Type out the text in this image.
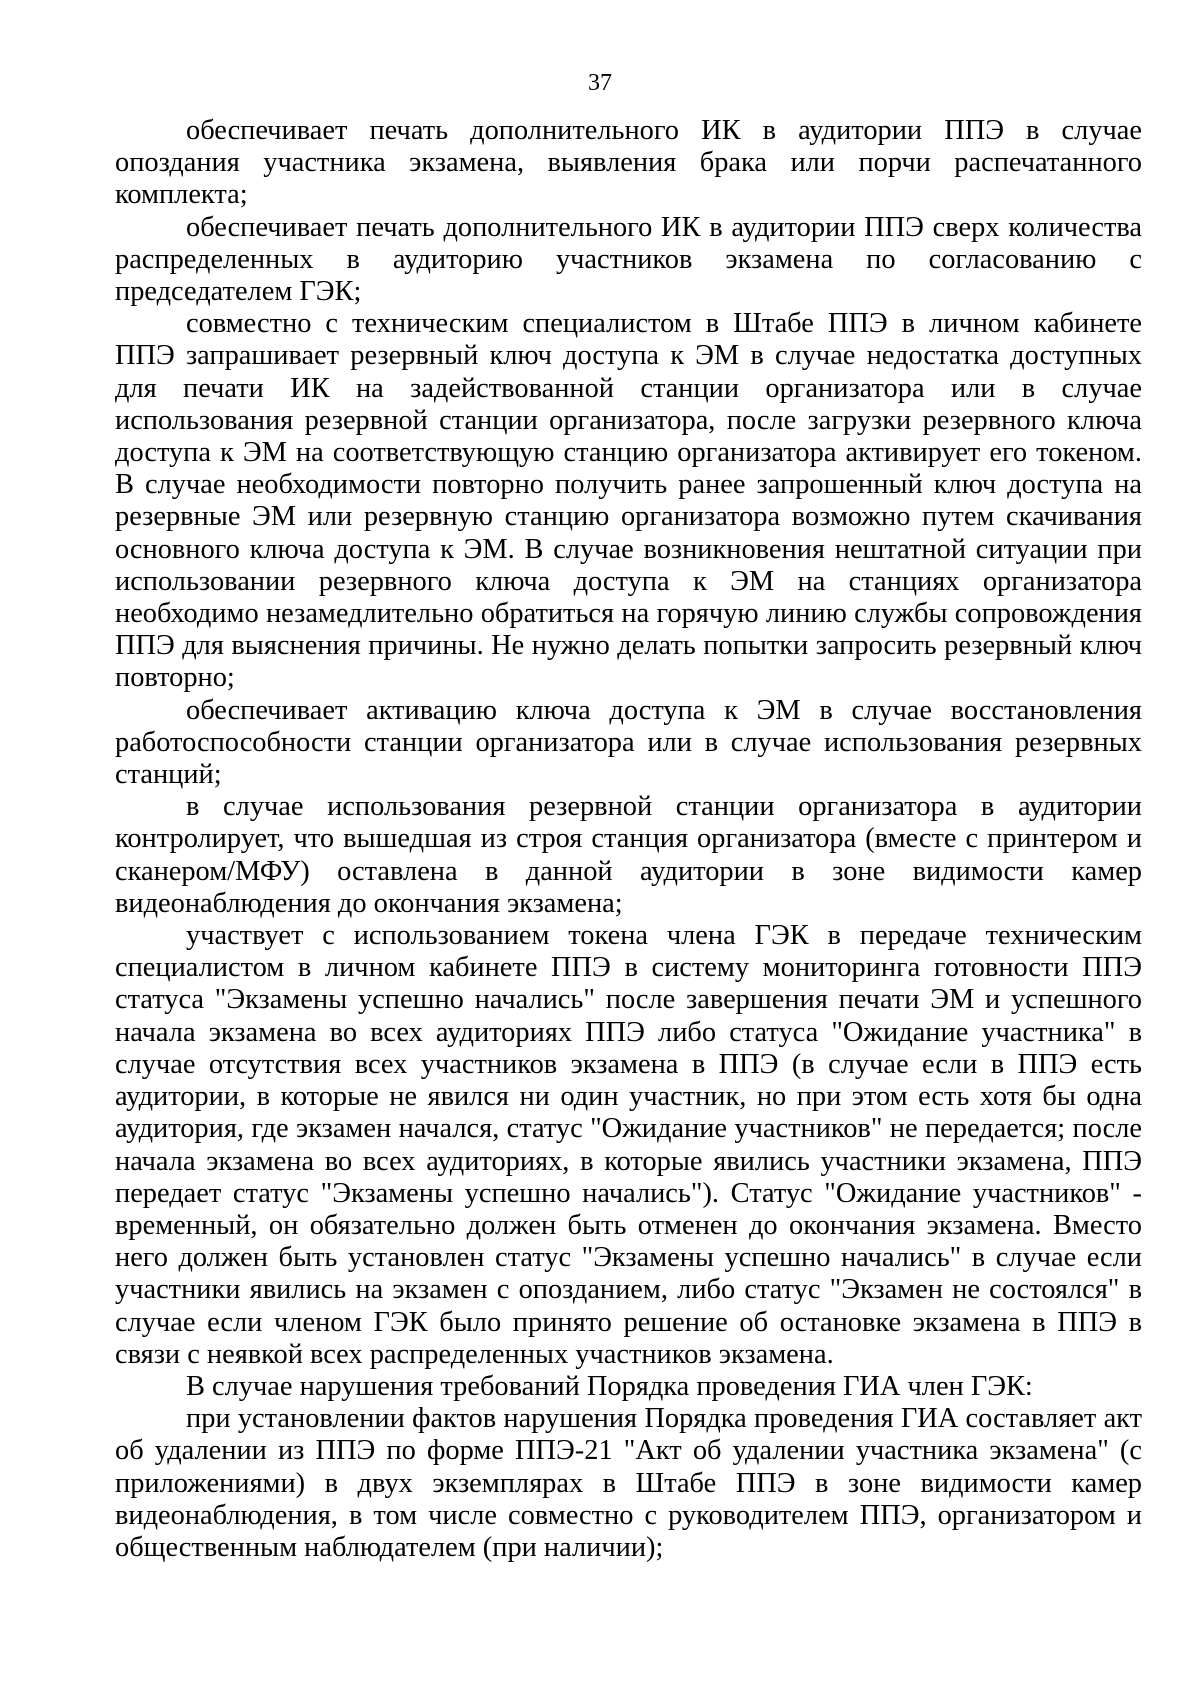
37

обеспечивает печать дополнительного ИК в аудитории ППЭ в случае опоздания участника экзамена, выявления брака или порчи распечатанного комплекта;

обеспечивает печать дополнительного ИК в аудитории ППЭ сверх количества распределенных в аудиторию участников экзамена по согласованию с председателем ГЭК;

совместно с техническим специалистом в Штабе ППЭ в личном кабинете ППЭ запрашивает резервный ключ доступа к ЭМ в случае недостатка доступных для печати ИК на задействованной станции организатора или в случае использования резервной станции организатора, после загрузки резервного ключа доступа к ЭМ на соответствующую станцию организатора активирует его токеном. В случае необходимости повторно получить ранее запрошенный ключ доступа на резервные ЭМ или резервную станцию организатора возможно путем скачивания основного ключа доступа к ЭМ. В случае возникновения нештатной ситуации при использовании резервного ключа доступа к ЭМ на станциях организатора необходимо незамедлительно обратиться на горячую линию службы сопровождения ППЭ для выяснения причины. Не нужно делать попытки запросить резервный ключ повторно;

обеспечивает активацию ключа доступа к ЭМ в случае восстановления работоспособности станции организатора или в случае использования резервных станций;

в случае использования резервной станции организатора в аудитории контролирует, что вышедшая из строя станция организатора (вместе с принтером и сканером/МФУ) оставлена в данной аудитории в зоне видимости камер видеонаблюдения до окончания экзамена;

участвует с использованием токена члена ГЭК в передаче техническим специалистом в личном кабинете ППЭ в систему мониторинга готовности ППЭ статуса "Экзамены успешно начались" после завершения печати ЭМ и успешного начала экзамена во всех аудиториях ППЭ либо статуса "Ожидание участника" в случае отсутствия всех участников экзамена в ППЭ (в случае если в ППЭ есть аудитории, в которые не явился ни один участник, но при этом есть хотя бы одна аудитория, где экзамен начался, статус "Ожидание участников" не передается; после начала экзамена во всех аудиториях, в которые явились участники экзамена, ППЭ передает статус "Экзамены успешно начались"). Статус "Ожидание участников" - временный, он обязательно должен быть отменен до окончания экзамена. Вместо него должен быть установлен статус "Экзамены успешно начались" в случае если участники явились на экзамен с опозданием, либо статус "Экзамен не состоялся" в случае если членом ГЭК было принято решение об остановке экзамена в ППЭ в связи с неявкой всех распределенных участников экзамена.

В случае нарушения требований Порядка проведения ГИА член ГЭК:

при установлении фактов нарушения Порядка проведения ГИА составляет акт об удалении из ППЭ по форме ППЭ-21 "Акт об удалении участника экзамена" (с приложениями) в двух экземплярах в Штабе ППЭ в зоне видимости камер видеонаблюдения, в том числе совместно с руководителем ППЭ, организатором и общественным наблюдателем (при наличии);
